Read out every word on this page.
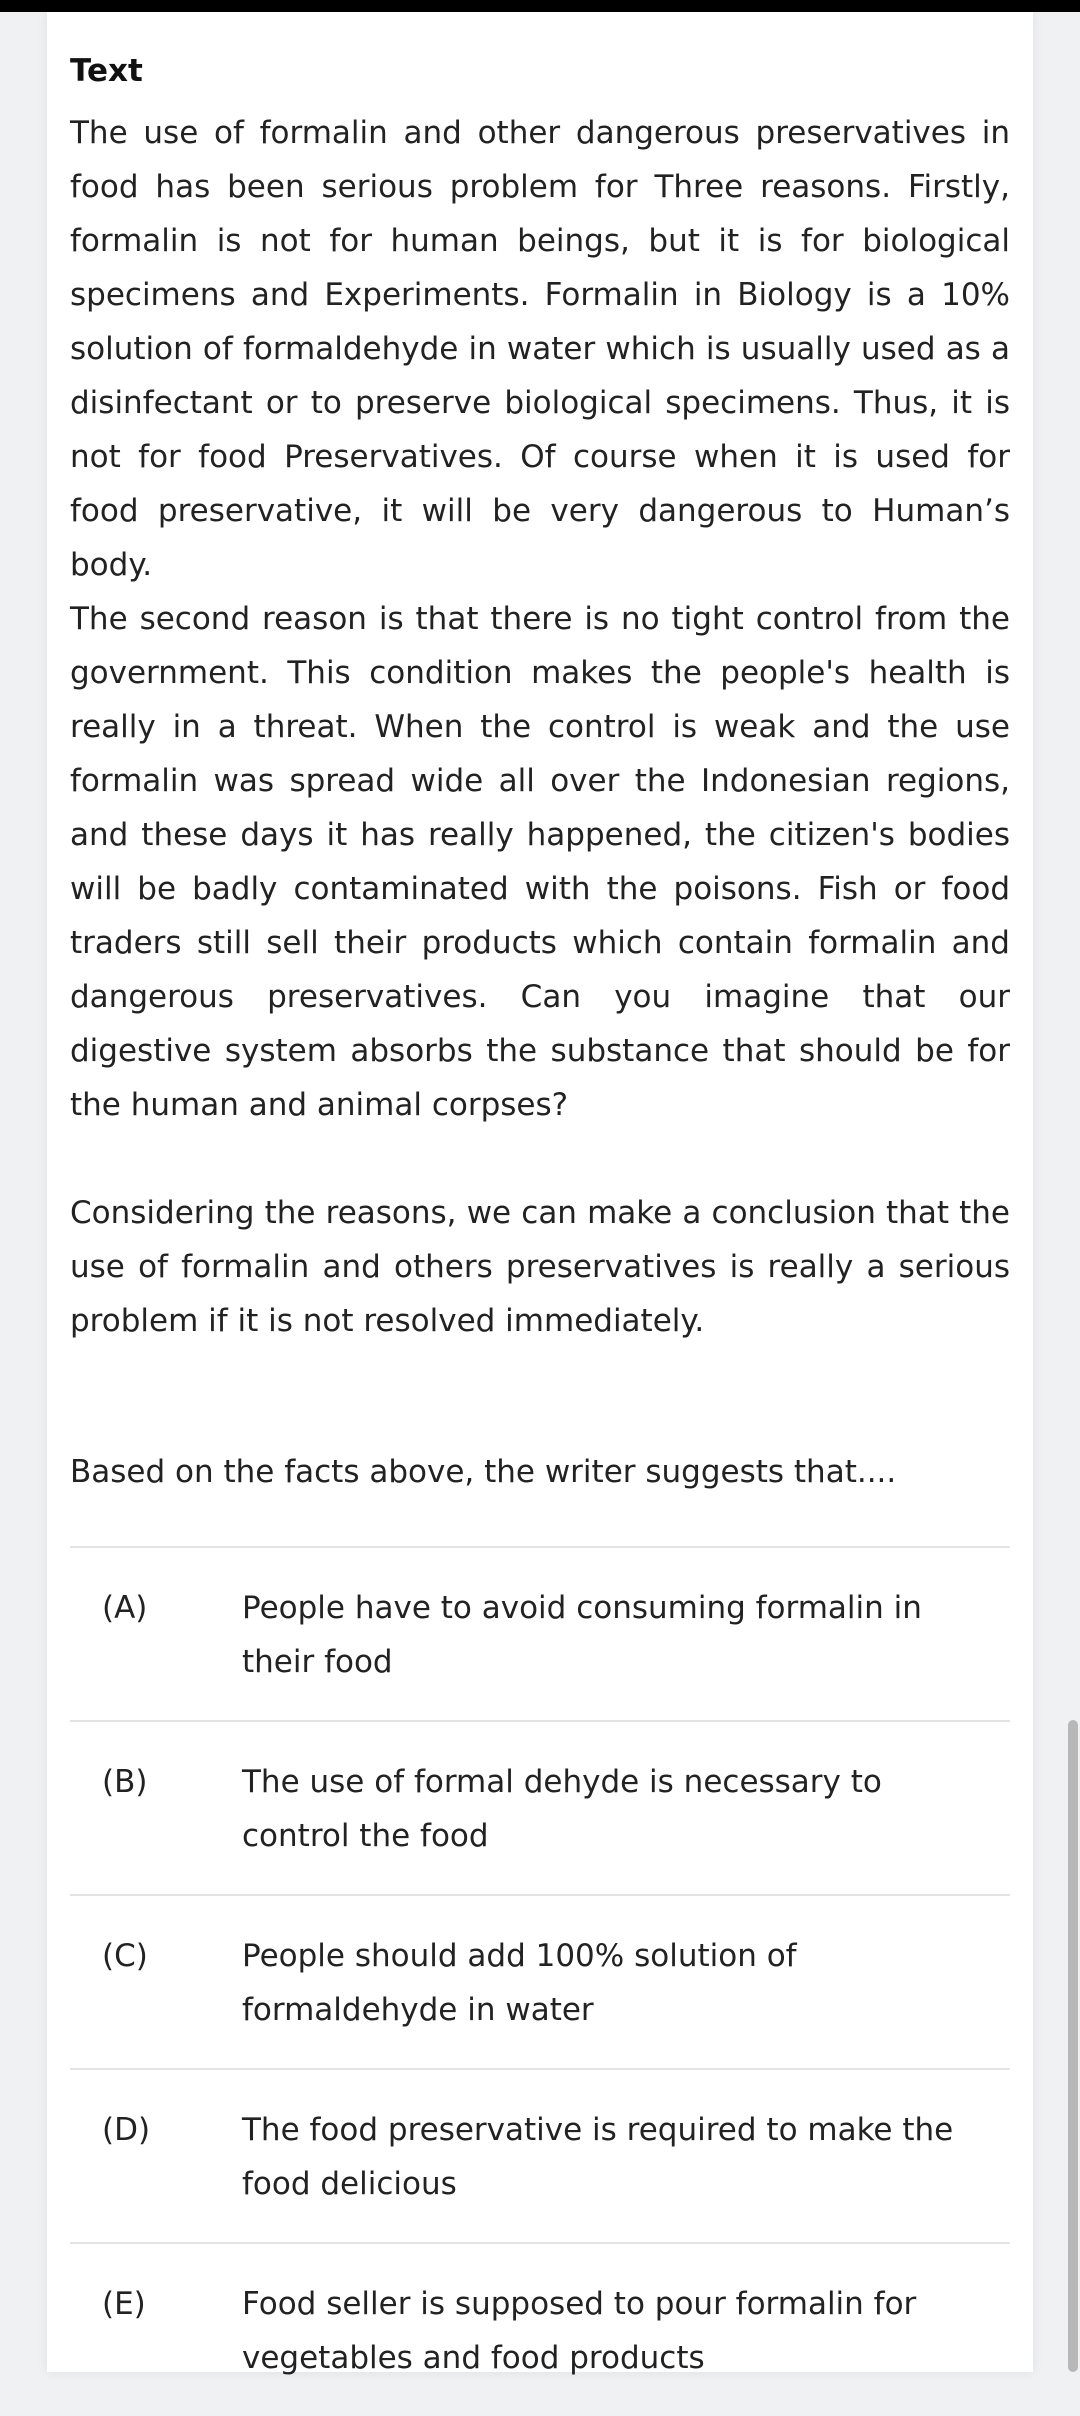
Text

The use of formalin and other dangerous preservatives in food has been serious problem for Three reasons. Firstly, formalin is not for human beings, but it is for biological specimens and Experiments. Formalin in Biology is a 10% solution of formaldehyde in water which is usually used as a disinfectant or to preserve biological specimens. Thus, it is not for food Preservatives. Of course when it is used for food preservative, it will be very dangerous to Human’s body.

The second reason is that there is no tight control from the government. This condition makes the people's health is really in a threat. When the control is weak and the use formalin was spread wide all over the Indonesian regions, and these days it has really happened, the citizen's bodies will be badly contaminated with the poisons. Fish or food traders still sell their products which contain formalin and dangerous preservatives. Can you imagine that our digestive system absorbs the substance that should be for the human and animal corpses?

Considering the reasons, we can make a conclusion that the use of formalin and others preservatives is really a serious problem if it is not resolved immediately.

Based on the facts above, the writer suggests that....

(A)	People have to avoid consuming formalin in their food
(B)	The use of formal dehyde is necessary to control the food
(C)	People should add 100% solution of formaldehyde in water
(D)	The food preservative is required to make the food delicious
(E)	Food seller is supposed to pour formalin for vegetables and food products
